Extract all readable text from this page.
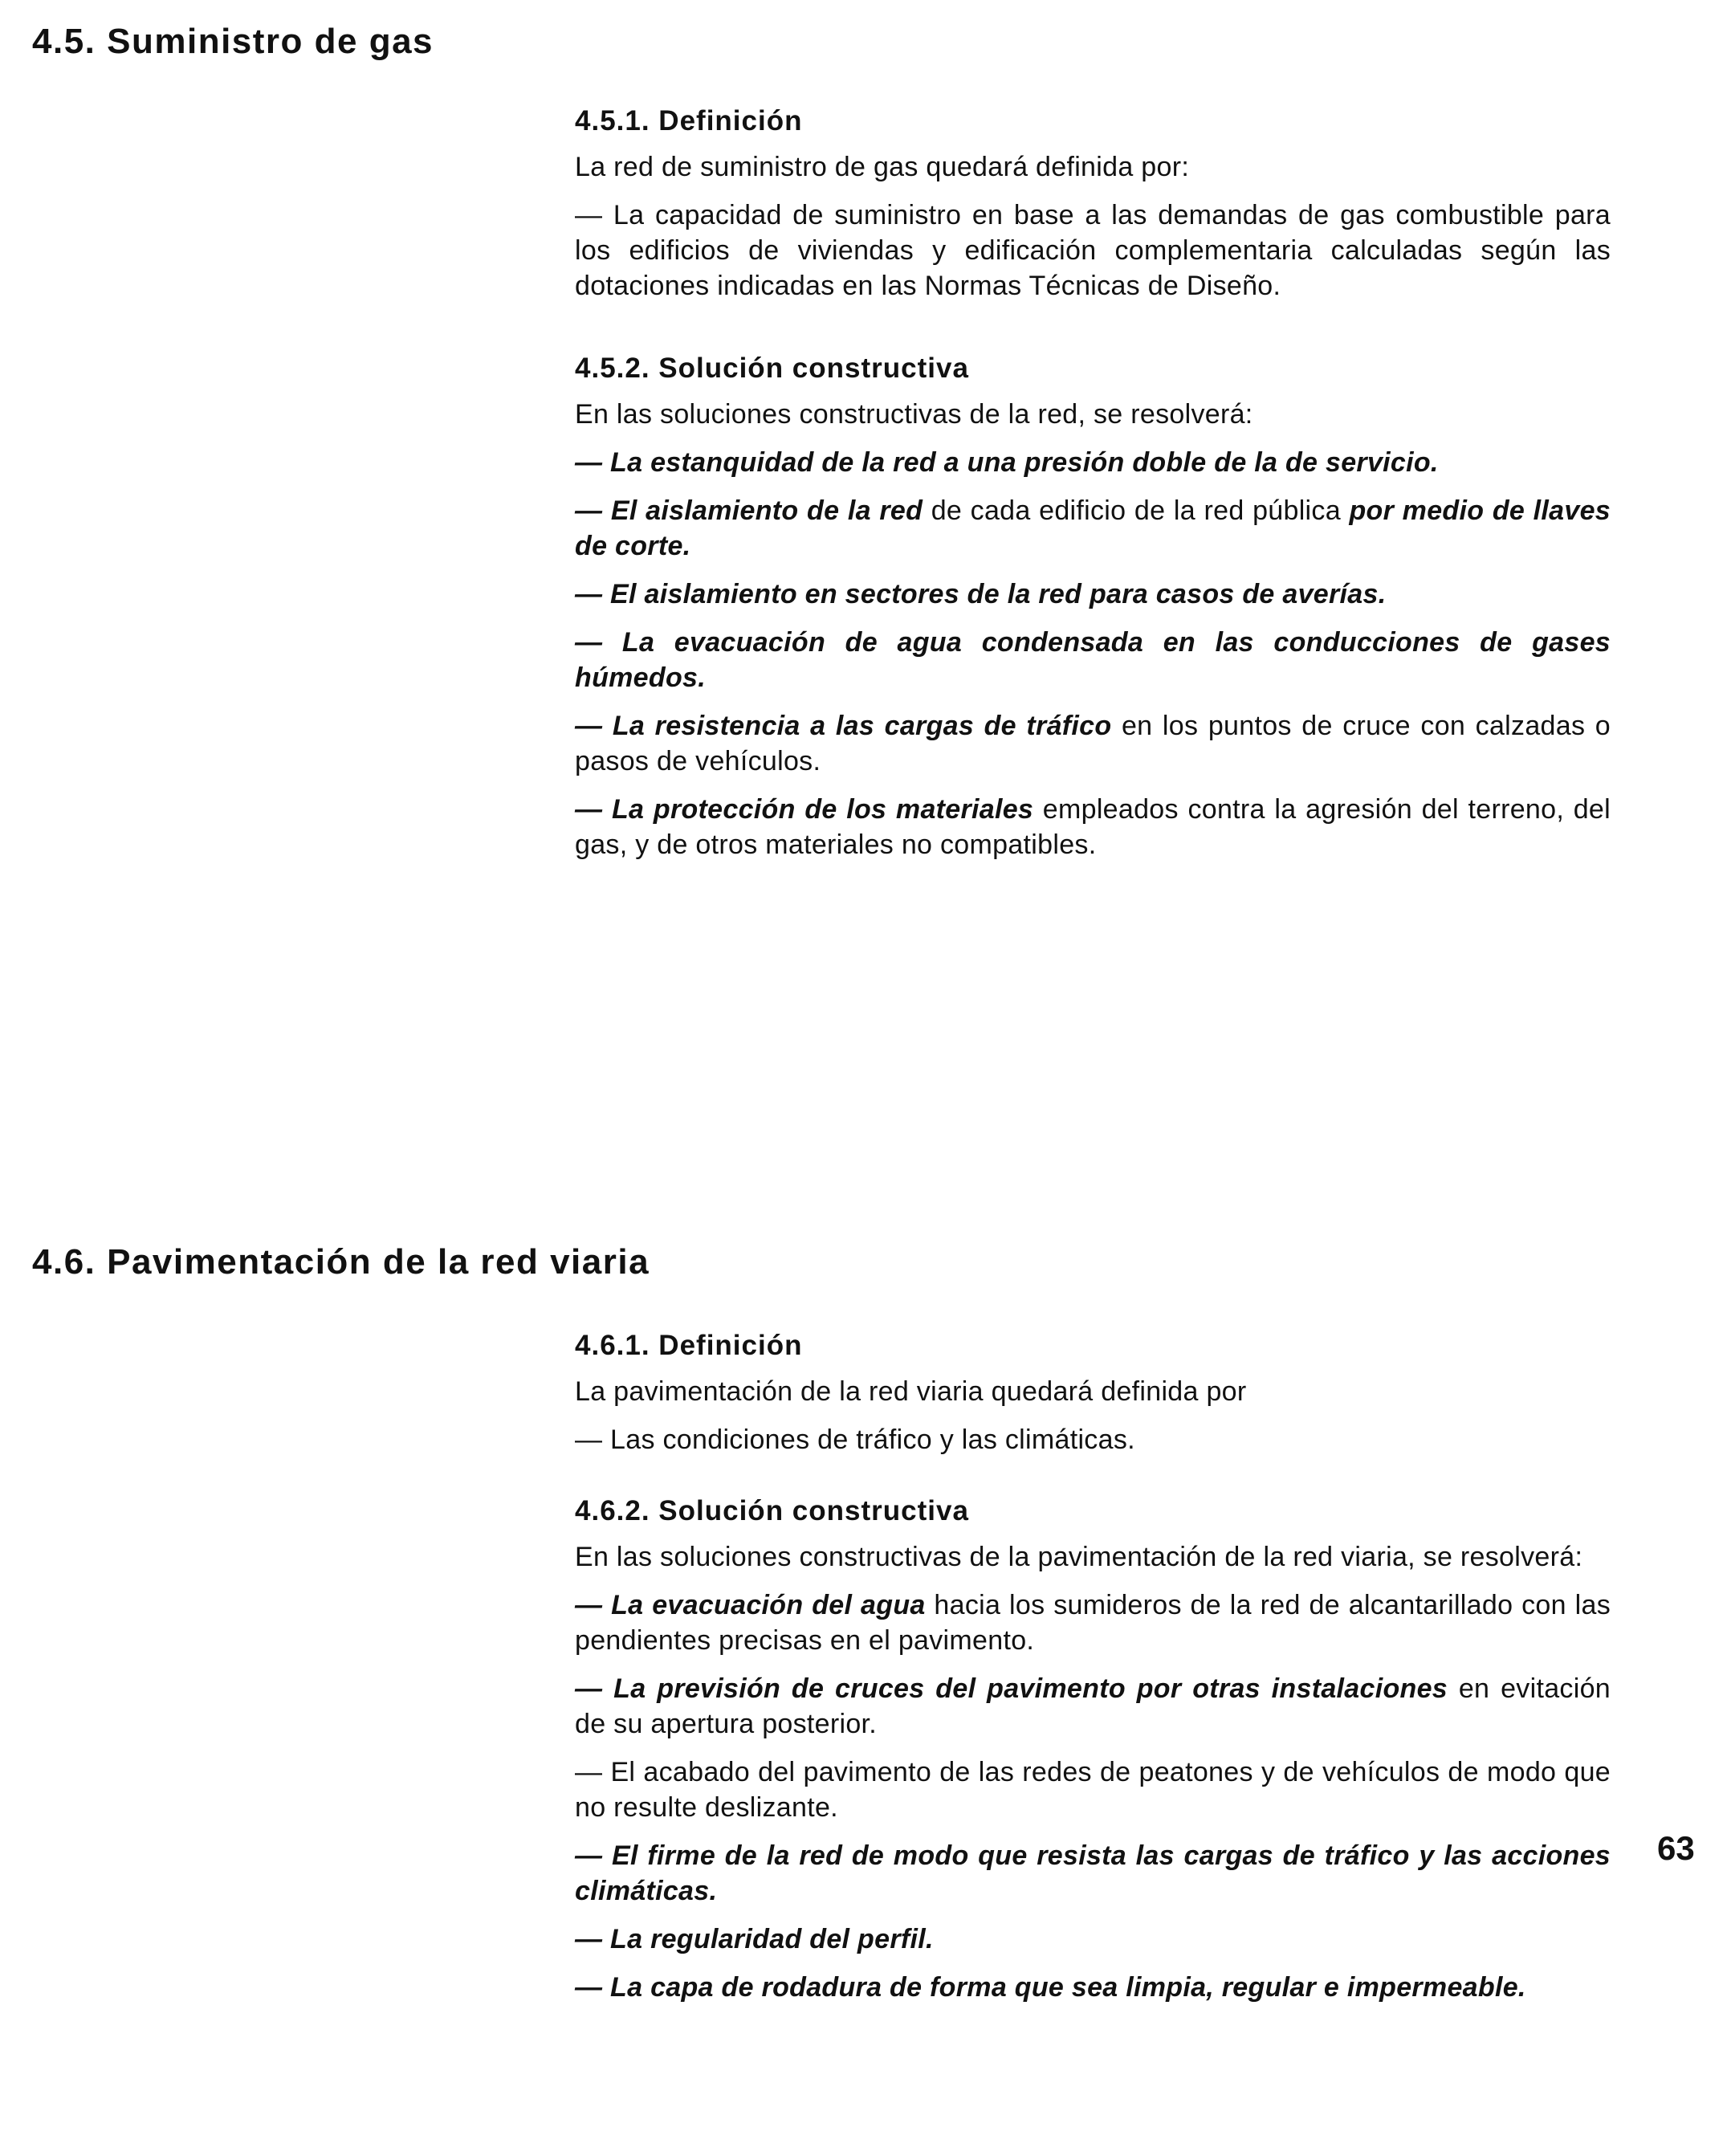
4.5. Suministro de gas
4.5.1. Definición

La red de suministro de gas quedará definida por:

— La capacidad de suministro en base a las demandas de gas combustible para los edificios de viviendas y edificación complementaria calculadas según las dotaciones indicadas en las Normas Técnicas de Diseño.

4.5.2. Solución constructiva

En las soluciones constructivas de la red, se resolverá:

— La estanquidad de la red a una presión doble de la de servicio.

— El aislamiento de la red de cada edificio de la red pública por medio de llaves de corte.

— El aislamiento en sectores de la red para casos de averías.

— La evacuación de agua condensada en las conducciones de gases húmedos.

— La resistencia a las cargas de tráfico en los puntos de cruce con calzadas o pasos de vehículos.

— La protección de los materiales empleados contra la agresión del terreno, del gas, y de otros materiales no compatibles.

4.6. Pavimentación de la red viaria
4.6.1. Definición

La pavimentación de la red viaria quedará definida por

— Las condiciones de tráfico y las climáticas.

4.6.2. Solución constructiva

En las soluciones constructivas de la pavimentación de la red viaria, se resolverá:

— La evacuación del agua hacia los sumideros de la red de alcantarillado con las pendientes precisas en el pavimento.

— La previsión de cruces del pavimento por otras instalaciones en evitación de su apertura posterior.

— El acabado del pavimento de las redes de peatones y de vehículos de modo que no resulte deslizante.

— El firme de la red de modo que resista las cargas de tráfico y las acciones climáticas.

— La regularidad del perfil.

— La capa de rodadura de forma que sea limpia, regular e impermeable.

63
